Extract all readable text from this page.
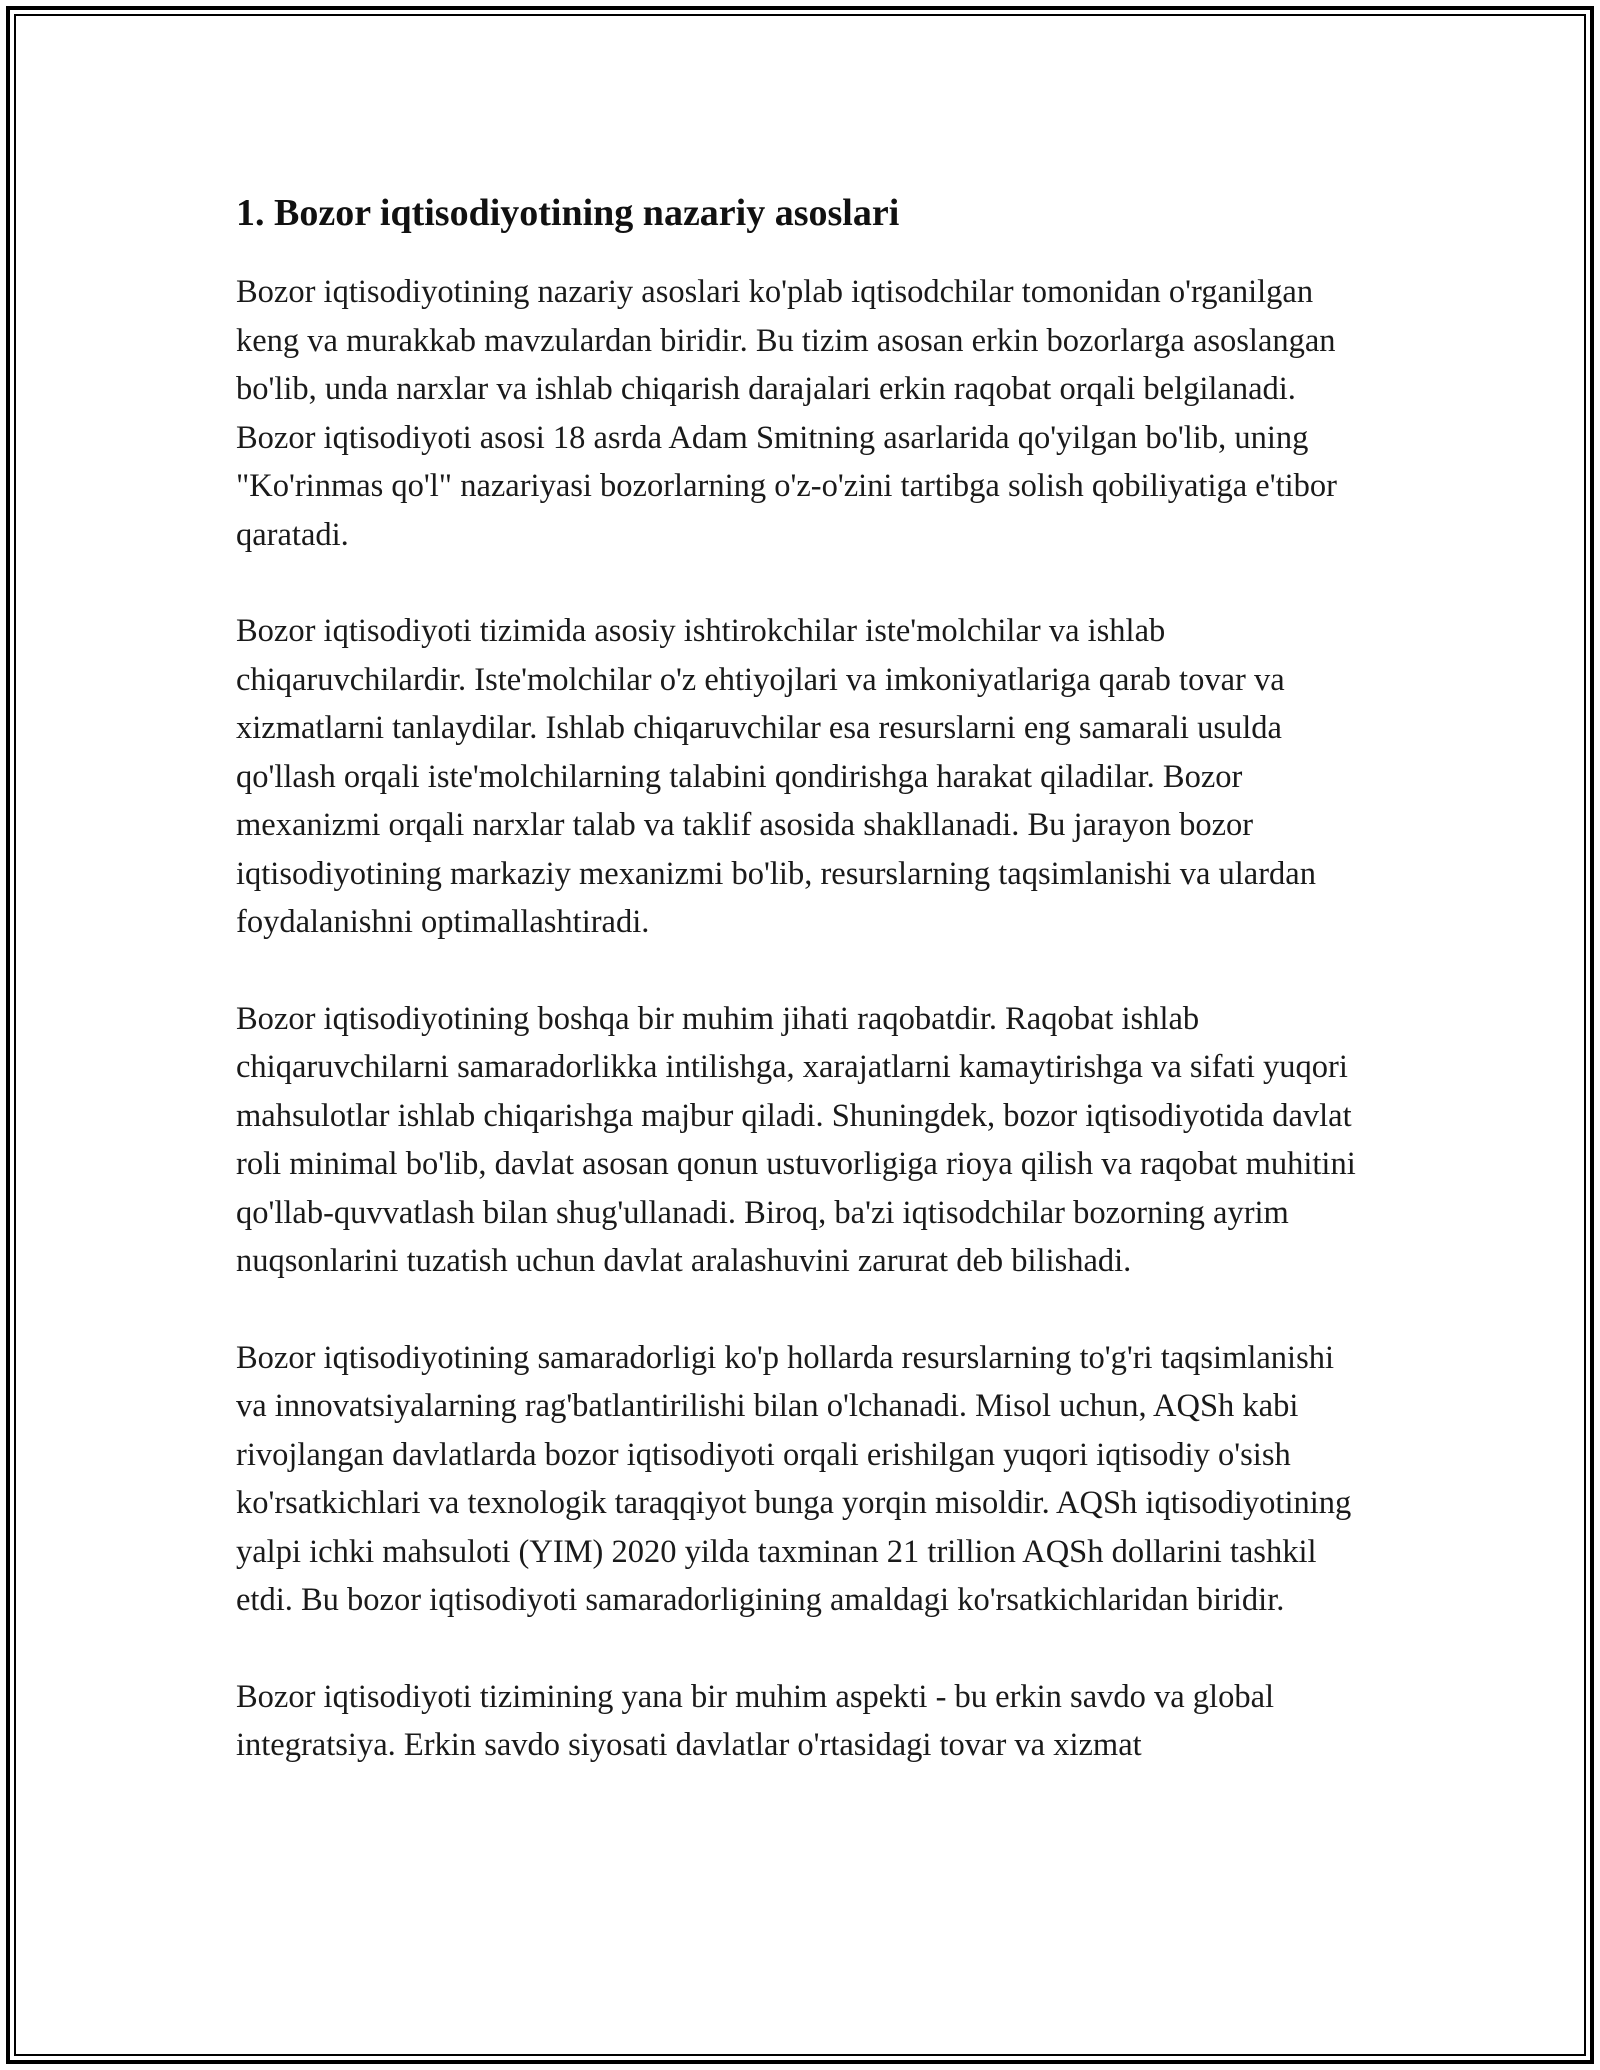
1. Bozor iqtisodiyotining nazariy asoslari

Bozor iqtisodiyotining nazariy asoslari ko'plab iqtisodchilar tomonidan o'rganilgan keng va murakkab mavzulardan biridir. Bu tizim asosan erkin bozorlarga asoslangan bo'lib, unda narxlar va ishlab chiqarish darajalari erkin raqobat orqali belgilanadi. Bozor iqtisodiyoti asosi 18 asrda Adam Smitning asarlarida qo'yilgan bo'lib, uning "Ko'rinmas qo'l" nazariyasi bozorlarning o'z-o'zini tartibga solish qobiliyatiga e'tibor qaratadi.

Bozor iqtisodiyoti tizimida asosiy ishtirokchilar iste'molchilar va ishlab chiqaruvchilardir. Iste'molchilar o'z ehtiyojlari va imkoniyatlariga qarab tovar va xizmatlarni tanlaydilar. Ishlab chiqaruvchilar esa resurslarni eng samarali usulda qo'llash orqali iste'molchilarning talabini qondirishga harakat qiladilar. Bozor mexanizmi orqali narxlar talab va taklif asosida shakllanadi. Bu jarayon bozor iqtisodiyotining markaziy mexanizmi bo'lib, resurslarning taqsimlanishi va ulardan foydalanishni optimallashtiradi.

Bozor iqtisodiyotining boshqa bir muhim jihati raqobatdir. Raqobat ishlab chiqaruvchilarni samaradorlikka intilishga, xarajatlarni kamaytirishga va sifati yuqori mahsulotlar ishlab chiqarishga majbur qiladi. Shuningdek, bozor iqtisodiyotida davlat roli minimal bo'lib, davlat asosan qonun ustuvorligiga rioya qilish va raqobat muhitini qo'llab-quvvatlash bilan shug'ullanadi. Biroq, ba'zi iqtisodchilar bozorning ayrim nuqsonlarini tuzatish uchun davlat aralashuvini zarurat deb bilishadi.

Bozor iqtisodiyotining samaradorligi ko'p hollarda resurslarning to'g'ri taqsimlanishi va innovatsiyalarning rag'batlantirilishi bilan o'lchanadi. Misol uchun, AQSh kabi rivojlangan davlatlarda bozor iqtisodiyoti orqali erishilgan yuqori iqtisodiy o'sish ko'rsatkichlari va texnologik taraqqiyot bunga yorqin misoldir. AQSh iqtisodiyotining yalpi ichki mahsuloti (YIM) 2020 yilda taxminan 21 trillion AQSh dollarini tashkil etdi. Bu bozor iqtisodiyoti samaradorligining amaldagi ko'rsatkichlaridan biridir.

Bozor iqtisodiyoti tizimining yana bir muhim aspekti - bu erkin savdo va global integratsiya. Erkin savdo siyosati davlatlar o'rtasidagi tovar va xizmat
